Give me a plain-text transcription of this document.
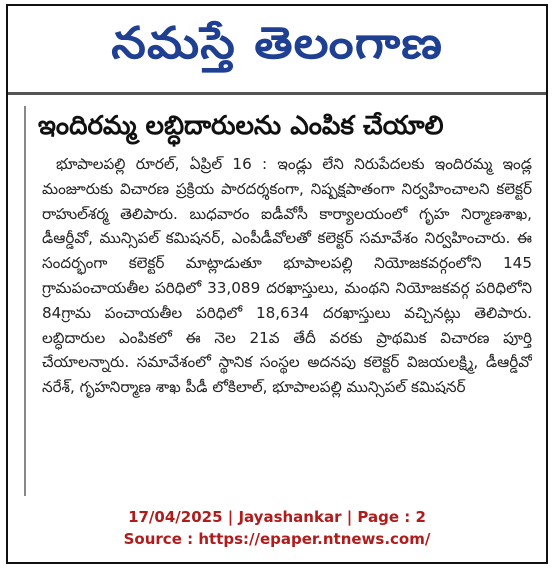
నమస్తే తెలంగాణ
ఇందిరమ్మ లబ్ధిదారులను ఎంపిక చేయాలి

భూపాలపల్లి రూరల్, ఏప్రిల్ 16 : ఇండ్లు లేని నిరుపేదలకు ఇందిరమ్మ ఇండ్ల మంజూరుకు విచారణ ప్రక్రియ పారదర్శకంగా, నిష్పక్షపాతంగా నిర్వహించాలని కలెక్టర్ రాహుల్‌శర్మ తెలిపారు. బుధవారం ఐడీవోసీ కార్యాలయంలో గృహ నిర్మాణశాఖ, డీఆర్డీవో, మున్సిపల్ కమిషనర్, ఎంపీడీవోలతో కలెక్టర్ సమావేశం నిర్వహించారు. ఈ సందర్భంగా కలెక్టర్ మాట్లాడుతూ భూపాలపల్లి నియోజకవర్గంలోని 145 గ్రామపంచాయతీల పరిధిలో 33,089 దరఖాస్తులు, మంథని నియోజకవర్గ పరిధిలోని 84గ్రామ పంచాయతీల పరిధిలో 18,634 దరఖాస్తులు వచ్చినట్లు తెలిపారు. లబ్ధిదారుల ఎంపికలో ఈ నెల 21వ తేదీ వరకు ప్రాథమిక విచారణ పూర్తి చేయాలన్నారు. సమావేశంలో స్థానిక సంస్థల అదనపు కలెక్టర్ విజయలక్ష్మి, డీఆర్డీవో నరేశ్, గృహనిర్మాణ శాఖ పీడీ లోకిలాల్, భూపాలపల్లి మున్సిపల్ కమిషనర్

17/04/2025 | Jayashankar | Page : 2
Source : https://epaper.ntnews.com/
